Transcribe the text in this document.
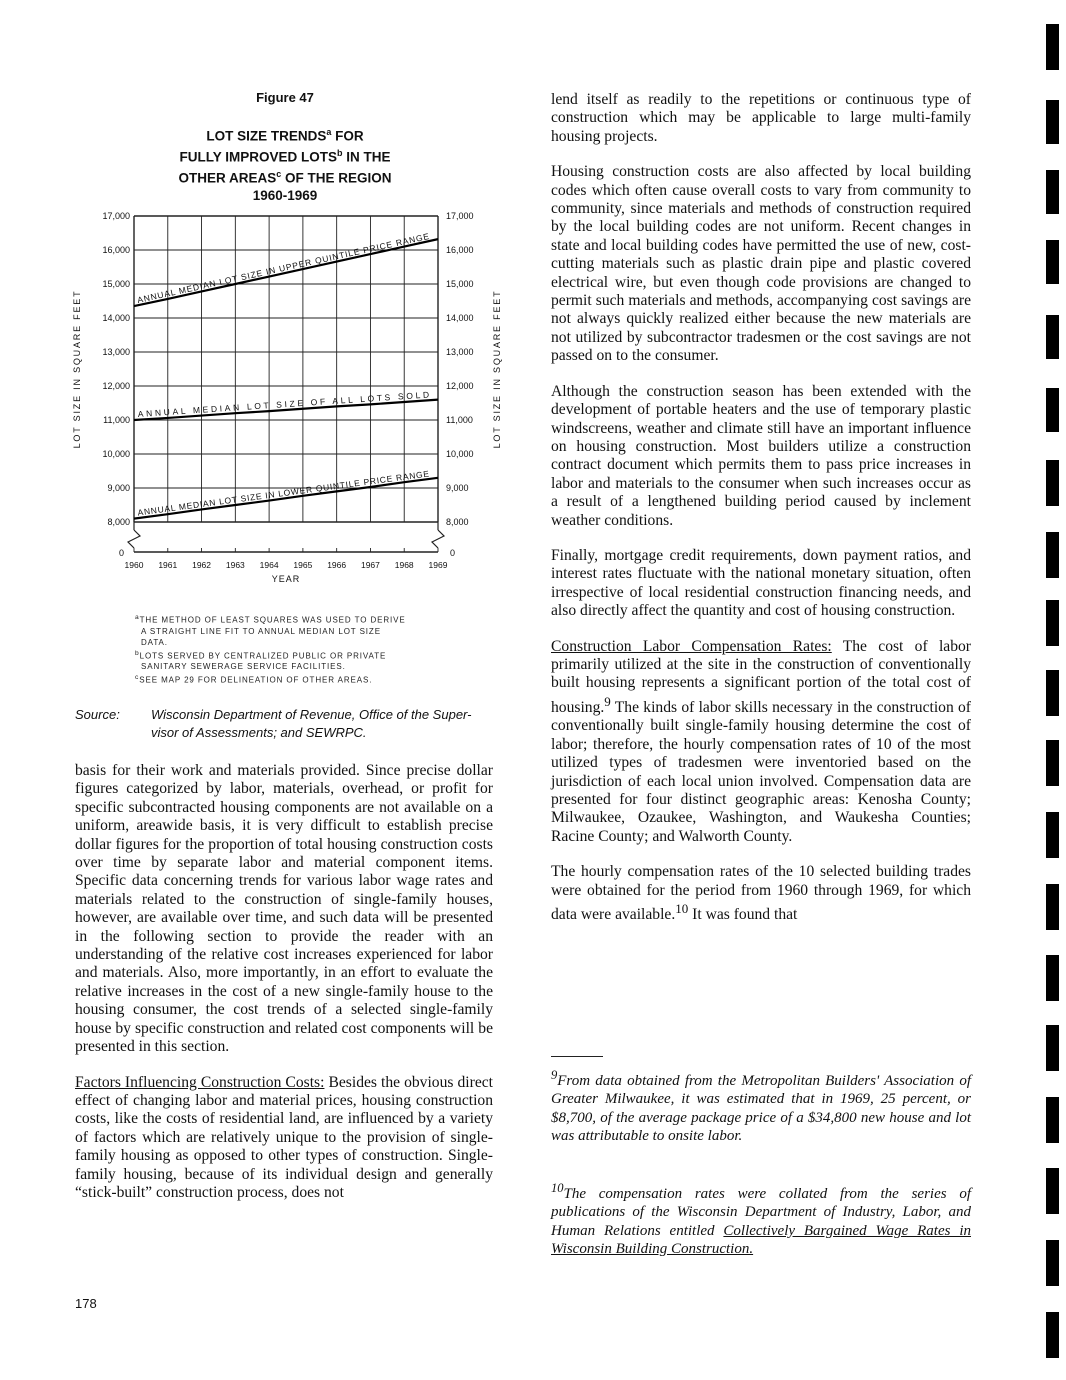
Figure 47
LOT SIZE TRENDS$^a$ FOR
FULLY IMPROVED LOTS$^b$ IN THE
OTHER AREAS$^c$ OF THE REGION
1960-1969
0	0
8,000	8,000
9,000	9,000
10,000	10,000
11,000	11,000
12,000	12,000
13,000	13,000
14,000	14,000
15,000	15,000
16,000	16,000
17,000	17,000
1960 1961 1962 1963 1964 1965 1966 1967 1968 1969
YEAR
LOT SIZE IN SQUARE FEET	LOT SIZE IN SQUARE FEET
ANNUAL MEDIAN LOT SIZE IN UPPER QUINTILE PRICE RANGE
ANNUAL MEDIAN LOT SIZE OF ALL LOTS SOLD
ANNUAL MEDIAN LOT SIZE IN LOWER QUINTILE PRICE RANGE
$^a$THE METHOD OF LEAST SQUARES WAS USED TO DERIVE
A STRAIGHT LINE FIT TO ANNUAL MEDIAN LOT SIZE
DATA.
$^b$LOTS SERVED BY CENTRALIZED PUBLIC OR PRIVATE
SANITARY SEWERAGE SERVICE FACILITIES.
$^c$SEE MAP 29 FOR DELINEATION OF OTHER AREAS.
Source: Wisconsin Department of Revenue, Office of the Super-
visor of Assessments; and SEWRPC.

basis for their work and materials provided. Since precise dollar figures categorized by labor, materials, overhead, or profit for specific subcontracted housing components are not available on a uniform, areawide basis, it is very difficult to establish precise dollar figures for the proportion of total housing construction costs over time by separate labor and material component items. Specific data concerning trends for various labor wage rates and materials related to the construction of single-family houses, however, are available over time, and such data will be presented in the following section to provide the reader with an understanding of the relative cost increases experienced for labor and materials. Also, more importantly, in an effort to evaluate the relative increases in the cost of a new single-family house to the housing consumer, the cost trends of a selected single-family house by specific construction and related cost components will be presented in this section.

Factors Influencing Construction Costs: Besides the obvious direct effect of changing labor and material prices, housing construction costs, like the costs of residential land, are influenced by a variety of factors which are relatively unique to the provision of single-family housing as opposed to other types of construction. Single-family housing, because of its individual design and generally “stick-built” construction process, does not

lend itself as readily to the repetitions or continuous type of construction which may be applicable to large multi-family housing projects.

Housing construction costs are also affected by local building codes which often cause overall costs to vary from community to community, since materials and methods of construction required by the local building codes are not uniform. Recent changes in state and local building codes have permitted the use of new, cost-cutting materials such as plastic drain pipe and plastic covered electrical wire, but even though code provisions are changed to permit such materials and methods, accompanying cost savings are not always quickly realized either because the new materials are not utilized by subcontractor tradesmen or the cost savings are not passed on to the consumer.

Although the construction season has been extended with the development of portable heaters and the use of temporary plastic windscreens, weather and climate still have an important influence on housing construction. Most builders utilize a construction contract document which permits them to pass price increases in labor and materials to the consumer when such increases occur as a result of a lengthened building period caused by inclement weather conditions.

Finally, mortgage credit requirements, down payment ratios, and interest rates fluctuate with the national monetary situation, often irrespective of local residential construction financing needs, and also directly affect the quantity and cost of housing construction.

Construction Labor Compensation Rates: The cost of labor primarily utilized at the site in the construction of conventionally built housing represents a significant portion of the total cost of housing.$^9$ The kinds of labor skills necessary in the construction of conventionally built single-family housing determine the cost of labor; therefore, the hourly compensation rates of 10 of the most utilized types of tradesmen were inventoried based on the jurisdiction of each local union involved. Compensation data are presented for four distinct geographic areas: Kenosha County; Milwaukee, Ozaukee, Washington, and Waukesha Counties; Racine County; and Walworth County.

The hourly compensation rates of the 10 selected building trades were obtained for the period from 1960 through 1969, for which data were available.$^{10}$ It was found that

$^9$From data obtained from the Metropolitan Builders' Association of Greater Milwaukee, it was estimated that in 1969, 25 percent, or $8,700, of the average package price of a $34,800 new house and lot was attributable to onsite labor.
$^{10}$The compensation rates were collated from the series of publications of the Wisconsin Department of Industry, Labor, and Human Relations entitled Collectively Bargained Wage Rates in Wisconsin Building Construction.
178
